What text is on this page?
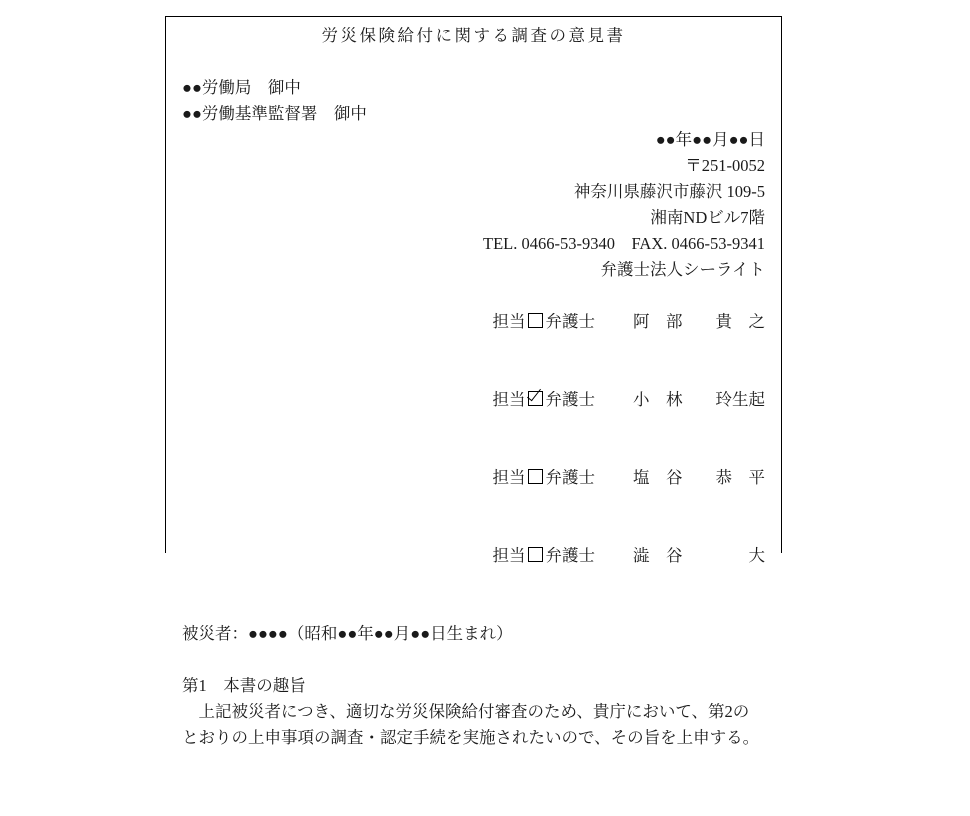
労災保険給付に関する調査の意見書
●●労働局　御中
●●労働基準監督署　御中
●●年●●月●●日
〒251-0052
神奈川県藤沢市藤沢 109-5
湘南NDビル7階
TEL. 0466-53-9340　FAX. 0466-53-9341
弁護士法人シーライト

担当 弁護士 阿　部　　貴　之

担当 弁護士 小　林　　玲生起

担当 弁護士 塩　谷　　恭　平

担当 弁護士 澁　谷　　　　大

被災者：●●●●（昭和●●年●●月●●日生まれ）
第1　本書の趣旨
　上記被災者につき、適切な労災保険給付審査のため、貴庁において、第2の
とおりの上申事項の調査・認定手続を実施されたいので、その旨を上申する。
